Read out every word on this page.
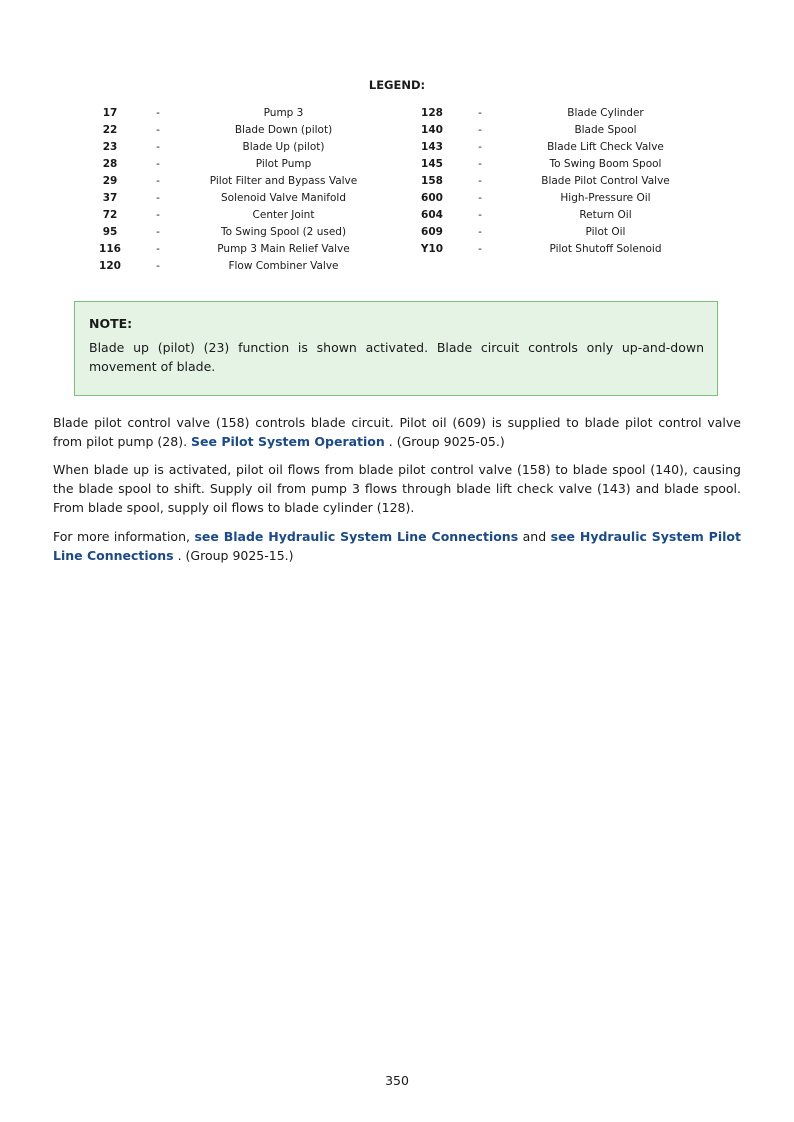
LEGEND:
17	-	Pump 3
22	-	Blade Down (pilot)
23	-	Blade Up (pilot)
28	-	Pilot Pump
29	-	Pilot Filter and Bypass Valve
37	-	Solenoid Valve Manifold
72	-	Center Joint
95	-	To Swing Spool (2 used)
116	-	Pump 3 Main Relief Valve
120	-	Flow Combiner Valve
128	-	Blade Cylinder
140	-	Blade Spool
143	-	Blade Lift Check Valve
145	-	To Swing Boom Spool
158	-	Blade Pilot Control Valve
600	-	High-Pressure Oil
604	-	Return Oil
609	-	Pilot Oil
Y10	-	Pilot Shutoff Solenoid
NOTE:
Blade up (pilot) (23) function is shown activated. Blade circuit controls only up-and-down movement of blade.

Blade pilot control valve (158) controls blade circuit. Pilot oil (609) is supplied to blade pilot control valve from pilot pump (28). See Pilot System Operation . (Group 9025-05.)

When blade up is activated, pilot oil flows from blade pilot control valve (158) to blade spool (140), causing the blade spool to shift. Supply oil from pump 3 flows through blade lift check valve (143) and blade spool. From blade spool, supply oil flows to blade cylinder (128).

For more information, see Blade Hydraulic System Line Connections and see Hydraulic System Pilot Line Connections . (Group 9025-15.)

350
